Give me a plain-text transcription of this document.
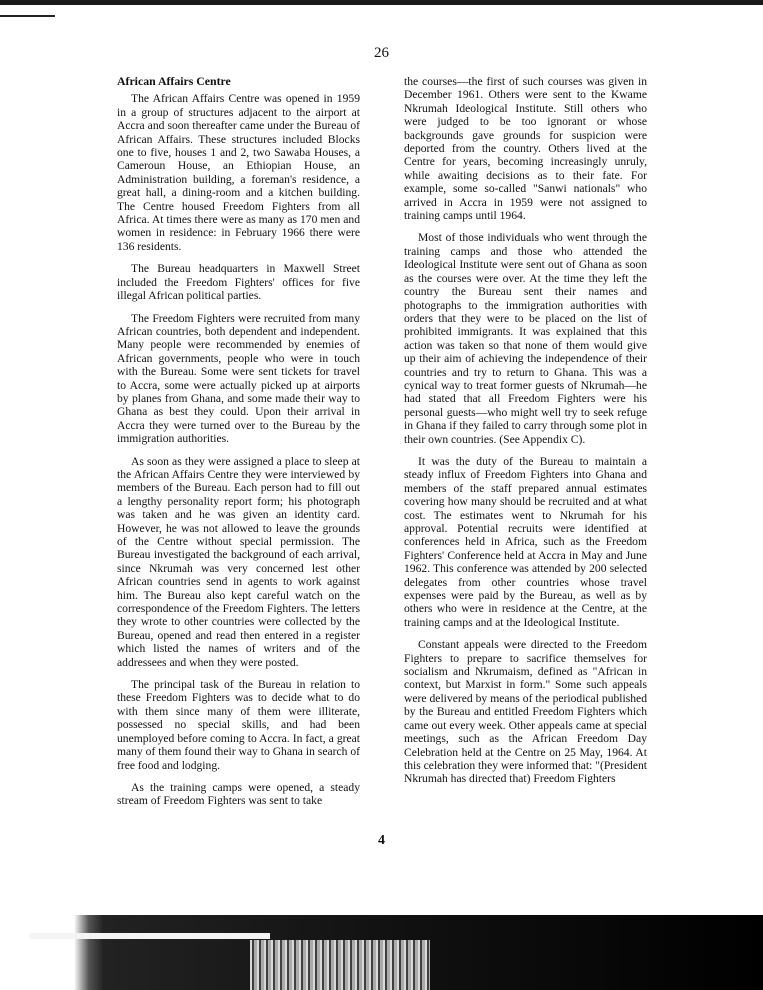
26
African Affairs Centre

The African Affairs Centre was opened in 1959 in a group of structures adjacent to the airport at Accra and soon thereafter came under the Bureau of African Affairs. These structures included Blocks one to five, houses 1 and 2, two Sawaba Houses, a Cameroun House, an Ethiopian House, an Administration building, a foreman's residence, a great hall, a dining-room and a kitchen building. The Centre housed Freedom Fighters from all Africa. At times there were as many as 170 men and women in residence: in February 1966 there were 136 residents.

The Bureau headquarters in Maxwell Street included the Freedom Fighters' offices for five illegal African political parties.

The Freedom Fighters were recruited from many African countries, both dependent and independent. Many people were recommended by enemies of African governments, people who were in touch with the Bureau. Some were sent tickets for travel to Accra, some were actually picked up at airports by planes from Ghana, and some made their way to Ghana as best they could. Upon their arrival in Accra they were turned over to the Bureau by the immigration authorities.

As soon as they were assigned a place to sleep at the African Affairs Centre they were interviewed by members of the Bureau. Each person had to fill out a lengthy personality report form; his photograph was taken and he was given an identity card. However, he was not allowed to leave the grounds of the Centre without special permission. The Bureau investigated the background of each arrival, since Nkrumah was very concerned lest other African countries send in agents to work against him. The Bureau also kept careful watch on the correspondence of the Freedom Fighters. The letters they wrote to other countries were collected by the Bureau, opened and read then entered in a register which listed the names of writers and of the addressees and when they were posted.

The principal task of the Bureau in relation to these Freedom Fighters was to decide what to do with them since many of them were illiterate, possessed no special skills, and had been unemployed before coming to Accra. In fact, a great many of them found their way to Ghana in search of free food and lodging.

As the training camps were opened, a steady stream of Freedom Fighters was sent to take

the courses—the first of such courses was given in December 1961. Others were sent to the Kwame Nkrumah Ideological Institute. Still others who were judged to be too ignorant or whose backgrounds gave grounds for suspicion were deported from the country. Others lived at the Centre for years, becoming increasingly unruly, while awaiting decisions as to their fate. For example, some so-called "Sanwi nationals" who arrived in Accra in 1959 were not assigned to training camps until 1964.

Most of those individuals who went through the training camps and those who attended the Ideological Institute were sent out of Ghana as soon as the courses were over. At the time they left the country the Bureau sent their names and photographs to the immigration authorities with orders that they were to be placed on the list of prohibited immigrants. It was explained that this action was taken so that none of them would give up their aim of achieving the independence of their countries and try to return to Ghana. This was a cynical way to treat former guests of Nkrumah—he had stated that all Freedom Fighters were his personal guests—who might well try to seek refuge in Ghana if they failed to carry through some plot in their own countries. (See Appendix C).

It was the duty of the Bureau to maintain a steady influx of Freedom Fighters into Ghana and members of the staff prepared annual estimates covering how many should be recruited and at what cost. The estimates went to Nkrumah for his approval. Potential recruits were identified at conferences held in Africa, such as the Freedom Fighters' Conference held at Accra in May and June 1962. This conference was attended by 200 selected delegates from other countries whose travel expenses were paid by the Bureau, as well as by others who were in residence at the Centre, at the training camps and at the Ideological Institute.

Constant appeals were directed to the Freedom Fighters to prepare to sacrifice themselves for socialism and Nkrumaism, defined as "African in context, but Marxist in form." Some such appeals were delivered by means of the periodical published by the Bureau and entitled Freedom Fighters which came out every week. Other appeals came at special meetings, such as the African Freedom Day Celebration held at the Centre on 25 May, 1964. At this celebration they were informed that: "(President Nkrumah has directed that) Freedom Fighters

4
